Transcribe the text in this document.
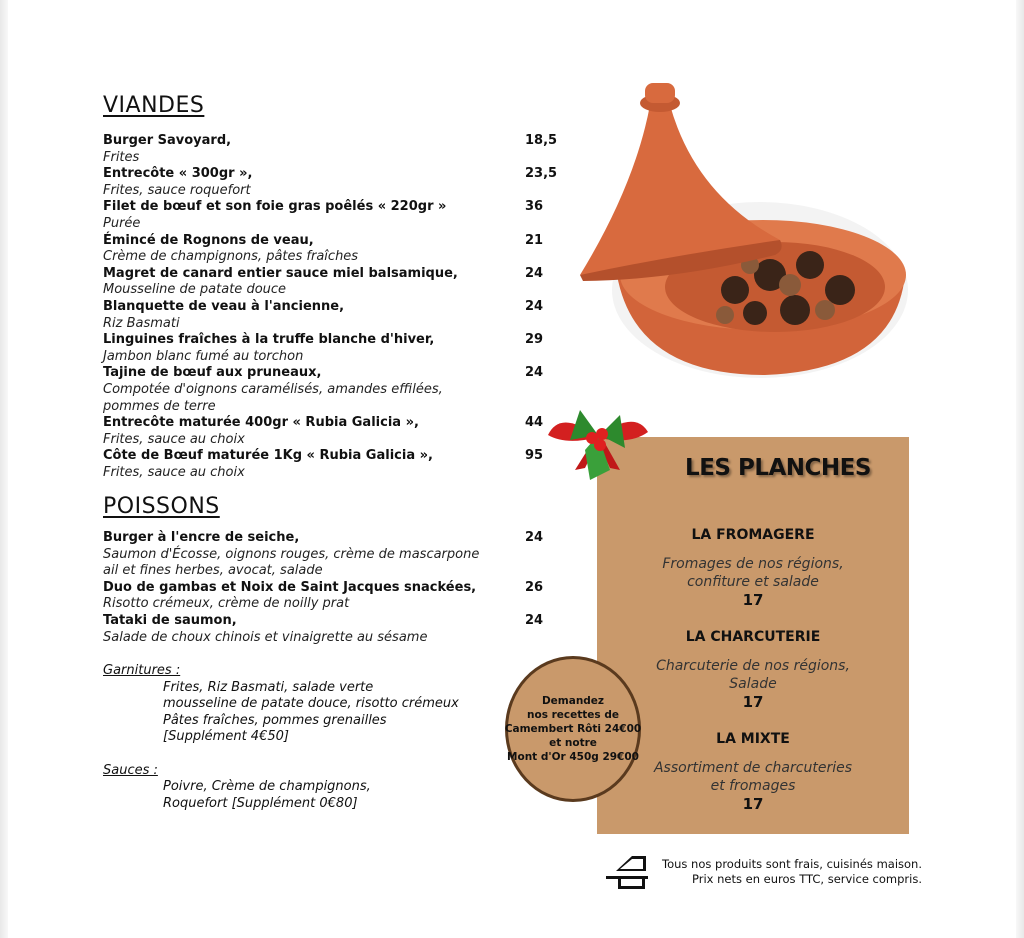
VIANDES
Burger Savoyard,	18,5
Frites
Entrecôte « 300gr »,	23,5
Frites, sauce roquefort
Filet de bœuf et son foie gras poêlés « 220gr »	36
Purée
Émincé de Rognons de veau,	21
Crème de champignons, pâtes fraîches
Magret de canard entier sauce miel balsamique,	24
Mousseline de patate douce
Blanquette de veau à l'ancienne,	24
Riz Basmati
Linguines fraîches à la truffe blanche d'hiver,	29
Jambon blanc fumé au torchon
Tajine de bœuf aux pruneaux,	24
Compotée d'oignons caramélisés, amandes effilées,
pommes de terre
Entrecôte maturée 400gr « Rubia Galicia »,	44
Frites, sauce au choix
Côte de Bœuf maturée 1Kg « Rubia Galicia »,	95
Frites, sauce au choix
POISSONS
Burger à l'encre de seiche,	24
Saumon d'Écosse, oignons rouges, crème de mascarpone
ail et fines herbes, avocat, salade
Duo de gambas et Noix de Saint Jacques snackées,	26
Risotto crémeux, crème de noilly prat
Tataki de saumon,	24
Salade de choux chinois et vinaigrette au sésame
Garnitures :
Frites, Riz Basmati, salade verte
mousseline de patate douce, risotto crémeux
Pâtes fraîches, pommes grenailles
[Supplément 4€50]
Sauces :
Poivre, Crème de champignons,
Roquefort [Supplément 0€80]
LES PLANCHES
LA FROMAGERE
Fromages de nos régions,
confiture et salade
17
LA CHARCUTERIE
Charcuterie de nos régions,
Salade
17
LA MIXTE
Assortiment de charcuteries
et fromages
17
Demandez
nos recettes de
Camembert Rôti 24€00
et notre
Mont d'Or 450g 29€00
Tous nos produits sont frais, cuisinés maison.
Prix nets en euros TTC, service compris.
